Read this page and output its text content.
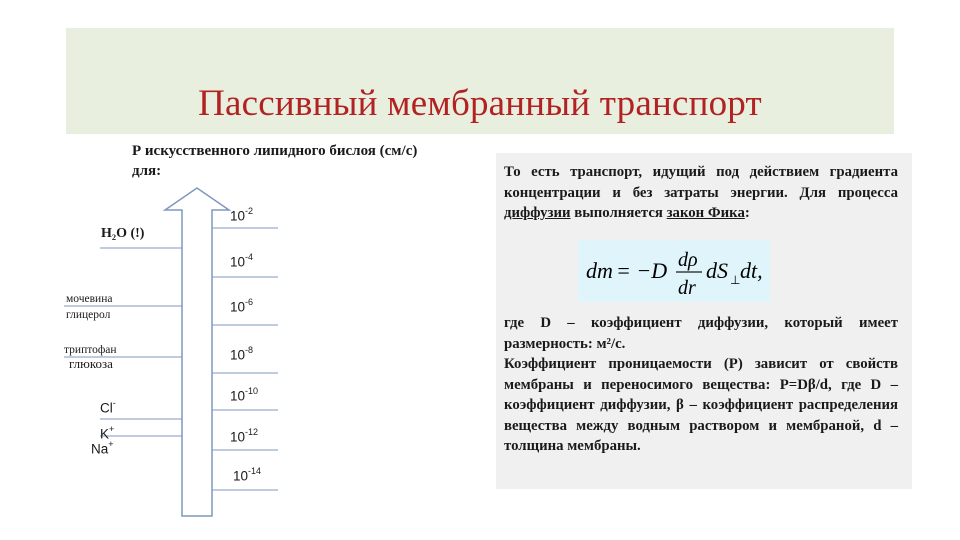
Пассивный мембранный транспорт
Р искусственного липидного бислоя (см/с)
для:
$10^{-2}$
$10^{-4}$
$10^{-6}$
$10^{-8}$
$10^{-10}$
$10^{-12}$
$10^{-14}$
H₂O (!)
мочевина
глицерол
триптофан
глюкоза
Cl-
K+
Na+
То есть транспорт, идущий под действием градиента концентрации и без затраты энергии. Для процесса диффузии выполняется закон Фика:
dm = −D dρ
dr
dS ⊥ dt,
где D – коэффициент диффузии, который имеет размерность: м²/с.
Коэффициент проницаемости (Р) зависит от свойств мембраны и переносимого вещества: P=Dβ/d, где D – коэффициент диффузии, β – коэффициент распределения вещества между водным раствором и мембраной, d – толщина мембраны.
